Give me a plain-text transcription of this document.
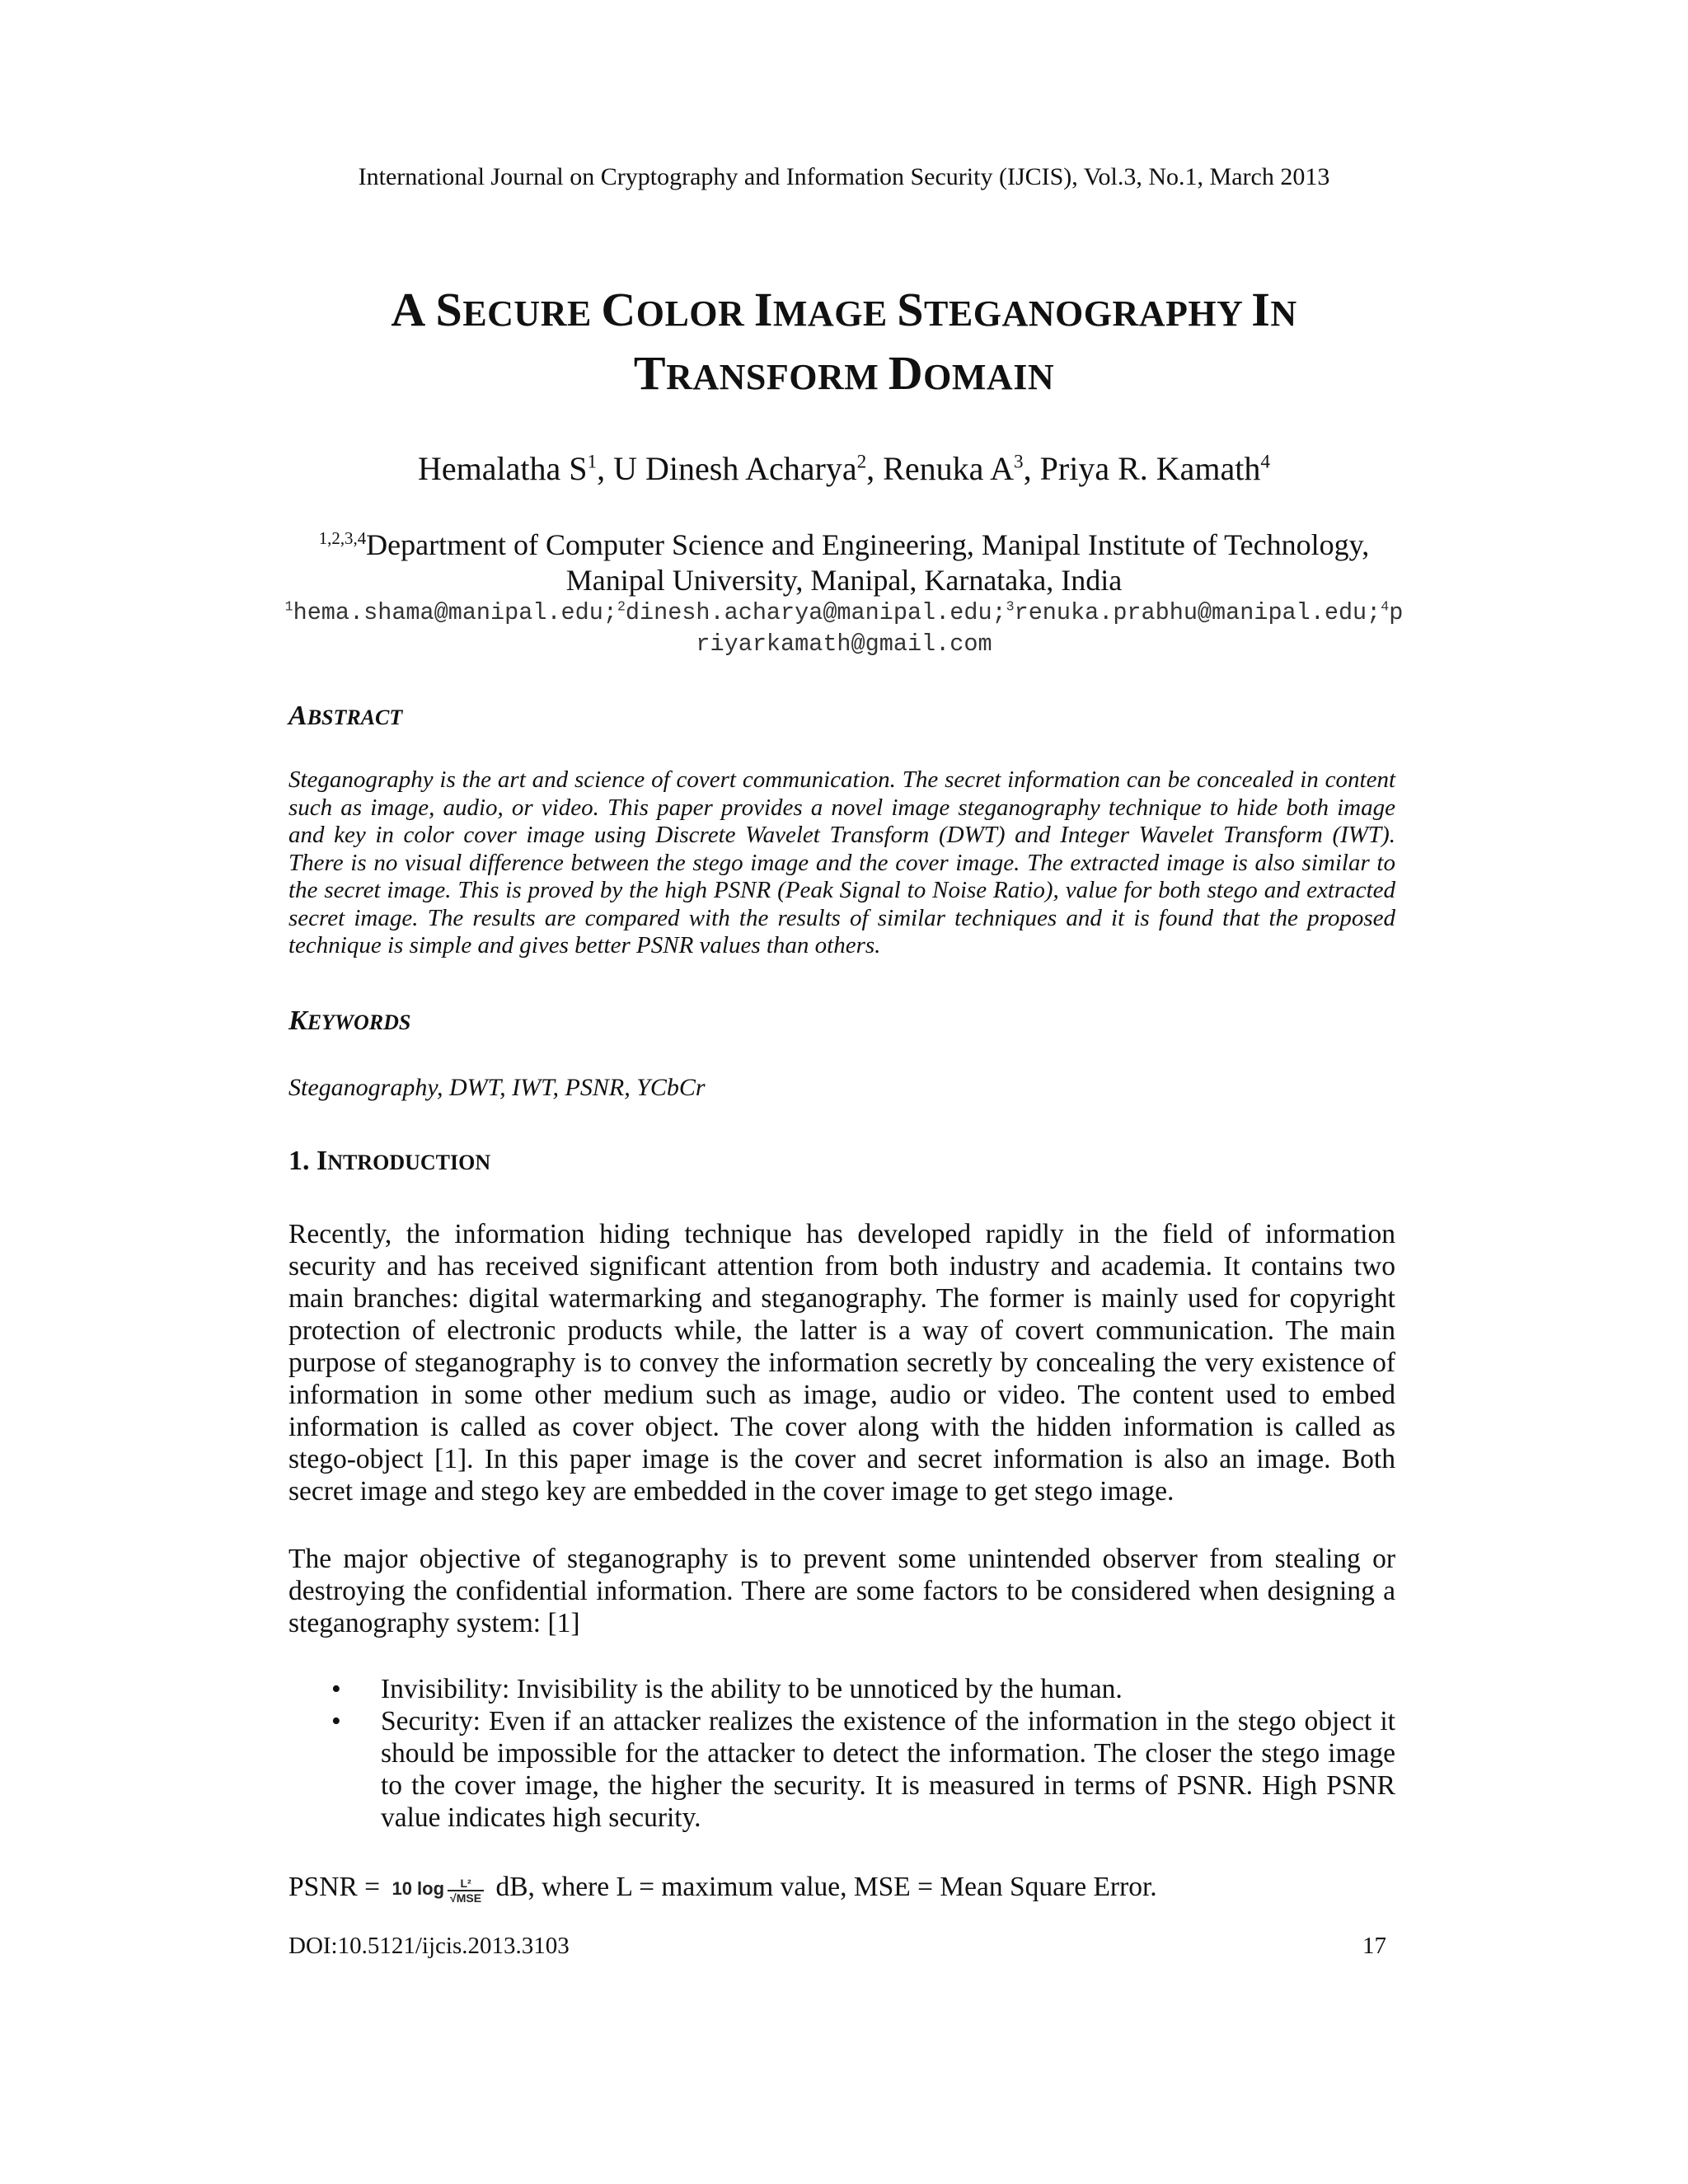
International Journal on Cryptography and Information Security (IJCIS), Vol.3, No.1, March 2013
A SECURE COLOR IMAGE STEGANOGRAPHY IN
TRANSFORM DOMAIN
Hemalatha $S^1$, U Dinesh Acharya$^2$, Renuka $A^3$, Priya R. Kamath$^4$
$^{1,2,3,4}$Department of Computer Science and Engineering, Manipal Institute of Technology,
Manipal University, Manipal, Karnataka, India
$^1$hema.shama@manipal.edu;$^2$dinesh.acharya@manipal.edu;$^3$renuka.prabhu@manipal.edu;$^4$priyarkamath@gmail.com
ABSTRACT
Steganography is the art and science of covert communication. The secret information can be concealed in content such as image, audio, or video. This paper provides a novel image steganography technique to hide both image and key in color cover image using Discrete Wavelet Transform (DWT) and Integer Wavelet Transform (IWT). There is no visual difference between the stego image and the cover image. The extracted image is also similar to the secret image. This is proved by the high PSNR (Peak Signal to Noise Ratio), value for both stego and extracted secret image. The results are compared with the results of similar techniques and it is found that the proposed technique is simple and gives better PSNR values than others.
KEYWORDS
Steganography, DWT, IWT, PSNR, YCbCr
1. INTRODUCTION
Recently, the information hiding technique has developed rapidly in the field of information security and has received significant attention from both industry and academia. It contains two main branches: digital watermarking and steganography. The former is mainly used for copyright protection of electronic products while, the latter is a way of covert communication. The main purpose of steganography is to convey the information secretly by concealing the very existence of information in some other medium such as image, audio or video. The content used to embed information is called as cover object. The cover along with the hidden information is called as stego-object [1]. In this paper image is the cover and secret information is also an image. Both secret image and stego key are embedded in the cover image to get stego image.
The major objective of steganography is to prevent some unintended observer from stealing or destroying the confidential information. There are some factors to be considered when designing a steganography system: [1]
• Invisibility: Invisibility is the ability to be unnoticed by the human.
• Security: Even if an attacker realizes the existence of the information in the stego object it should be impossible for the attacker to detect the information. The closer the stego image to the cover image, the higher the security. It is measured in terms of PSNR. High PSNR value indicates high security.
PSNR = 10 $\log \frac{\text{L²}}{\text{√MSE}}$ dB, where L = maximum value, MSE = Mean Square Error.
DOI:10.5121/ijcis.2013.3103	17
